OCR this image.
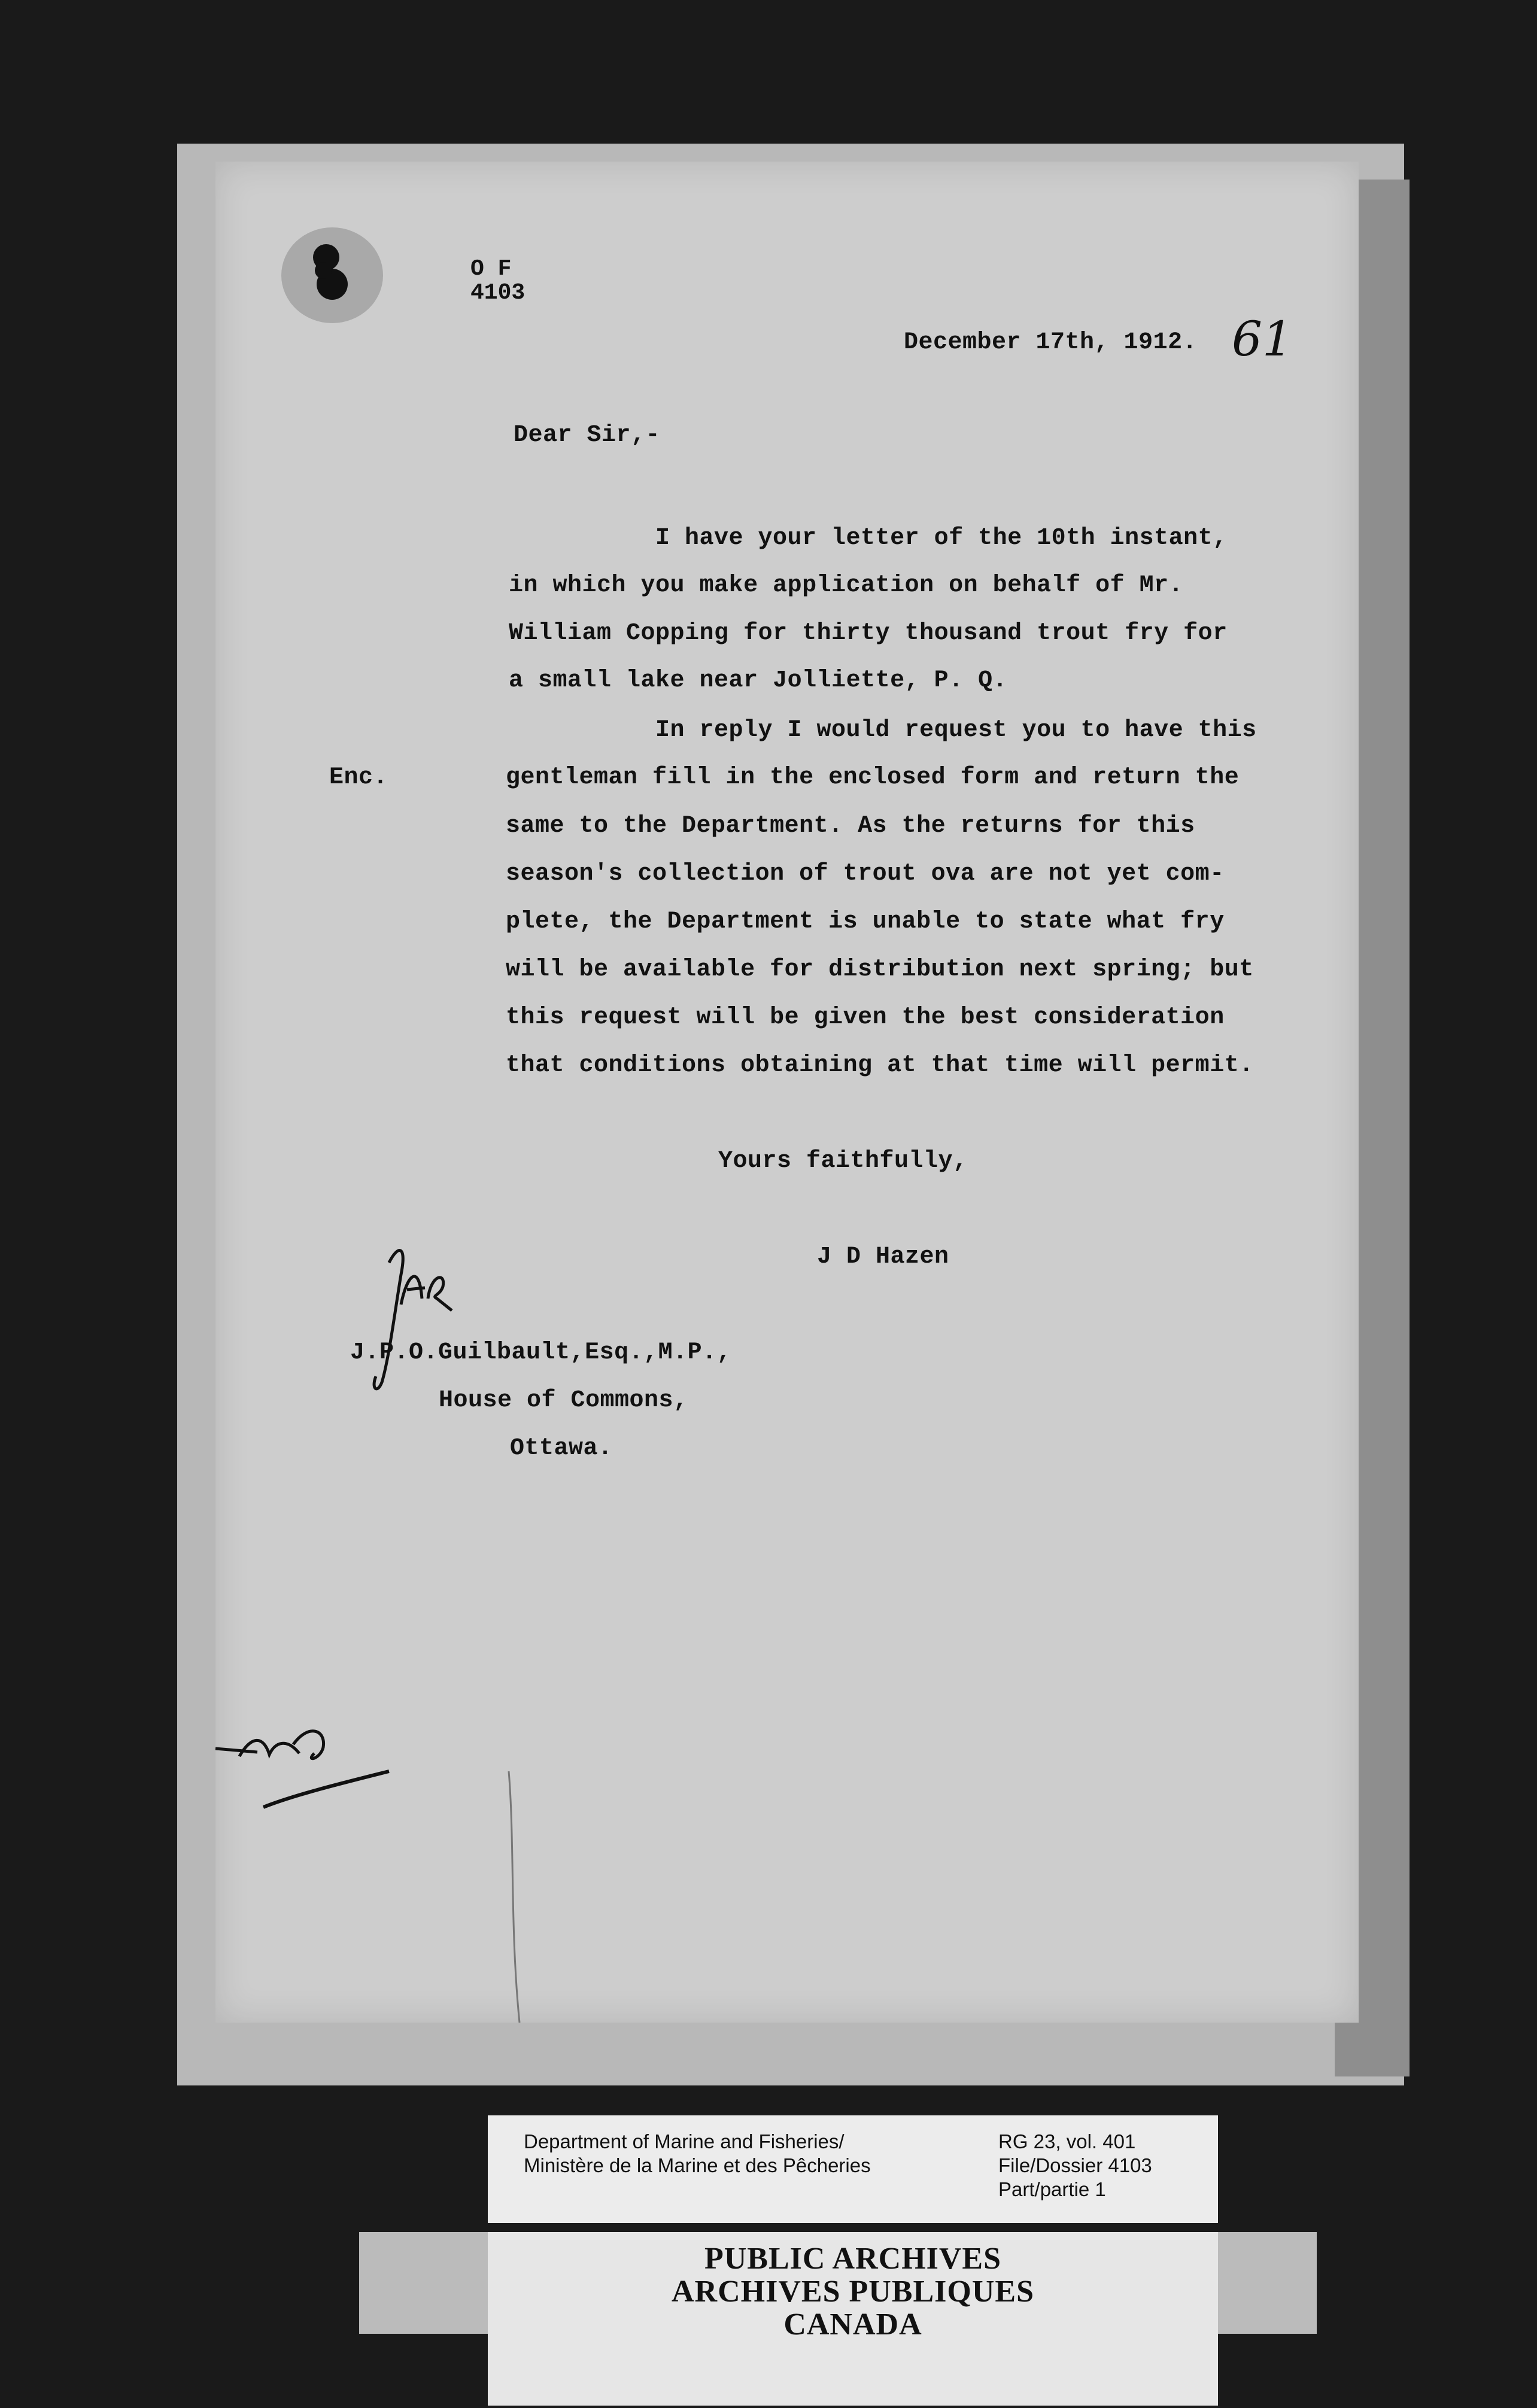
O F
4103
December 17th, 1912. 61
Dear Sir,-
I have your letter of the 10th instant,
in which you make application on behalf of Mr.
William Copping for thirty thousand trout fry for
a small lake near Jolliette, P. Q.
In reply I would request you to have this
gentleman fill in the enclosed form and return the
same to the Department. As the returns for this
season's collection of trout ova are not yet com-
plete, the Department is unable to state what fry
will be available for distribution next spring; but
this request will be given the best consideration
that conditions obtaining at that time will permit.
Enc.
Yours faithfully,
J D Hazen
J.P.O.Guilbault,Esq.,M.P.,
House of Commons,
Ottawa.
Department of Marine and Fisheries/
Ministère de la Marine et des Pêcheries
RG 23, vol. 401
File/Dossier 4103
Part/partie 1
PUBLIC ARCHIVES
ARCHIVES PUBLIQUES
CANADA
